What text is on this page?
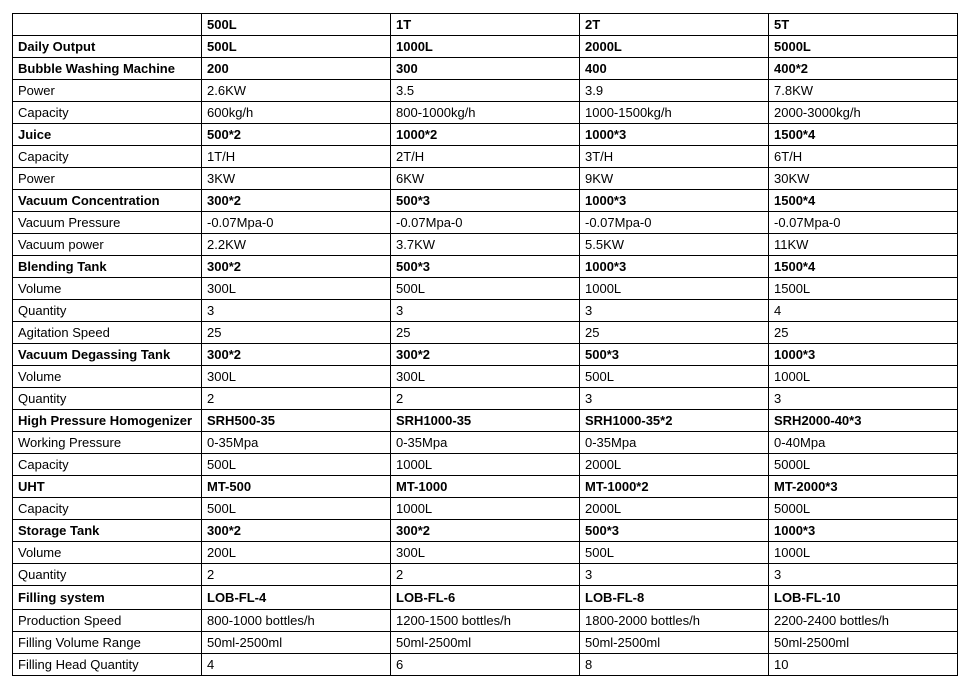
	500L	1T	2T	5T
Daily Output	500L	1000L	2000L	5000L
Bubble Washing Machine	200	300	400	400*2
Power	2.6KW	3.5	3.9	7.8KW
Capacity	600kg/h	800-1000kg/h	1000-1500kg/h	2000-3000kg/h
Juice	500*2	1000*2	1000*3	1500*4
Capacity	1T/H	2T/H	3T/H	6T/H
Power	3KW	6KW	9KW	30KW
Vacuum Concentration	300*2	500*3	1000*3	1500*4
Vacuum Pressure	-0.07Mpa-0	-0.07Mpa-0	-0.07Mpa-0	-0.07Mpa-0
Vacuum power	2.2KW	3.7KW	5.5KW	11KW
Blending Tank	300*2	500*3	1000*3	1500*4
Volume	300L	500L	1000L	1500L
Quantity	3	3	3	4
Agitation Speed	25	25	25	25
Vacuum Degassing Tank	300*2	300*2	500*3	1000*3
Volume	300L	300L	500L	1000L
Quantity	2	2	3	3
High Pressure Homogenizer	SRH500-35	SRH1000-35	SRH1000-35*2	SRH2000-40*3
Working Pressure	0-35Mpa	0-35Mpa	0-35Mpa	0-40Mpa
Capacity	500L	1000L	2000L	5000L
UHT	MT-500	MT-1000	MT-1000*2	MT-2000*3
Capacity	500L	1000L	2000L	5000L
Storage Tank	300*2	300*2	500*3	1000*3
Volume	200L	300L	500L	1000L
Quantity	2	2	3	3
Filling system	LOB-FL-4	LOB-FL-6	LOB-FL-8	LOB-FL-10
Production Speed	800-1000 bottles/h	1200-1500 bottles/h	1800-2000 bottles/h	2200-2400 bottles/h
Filling Volume Range	50ml-2500ml	50ml-2500ml	50ml-2500ml	50ml-2500ml
Filling Head Quantity	4	6	8	10
